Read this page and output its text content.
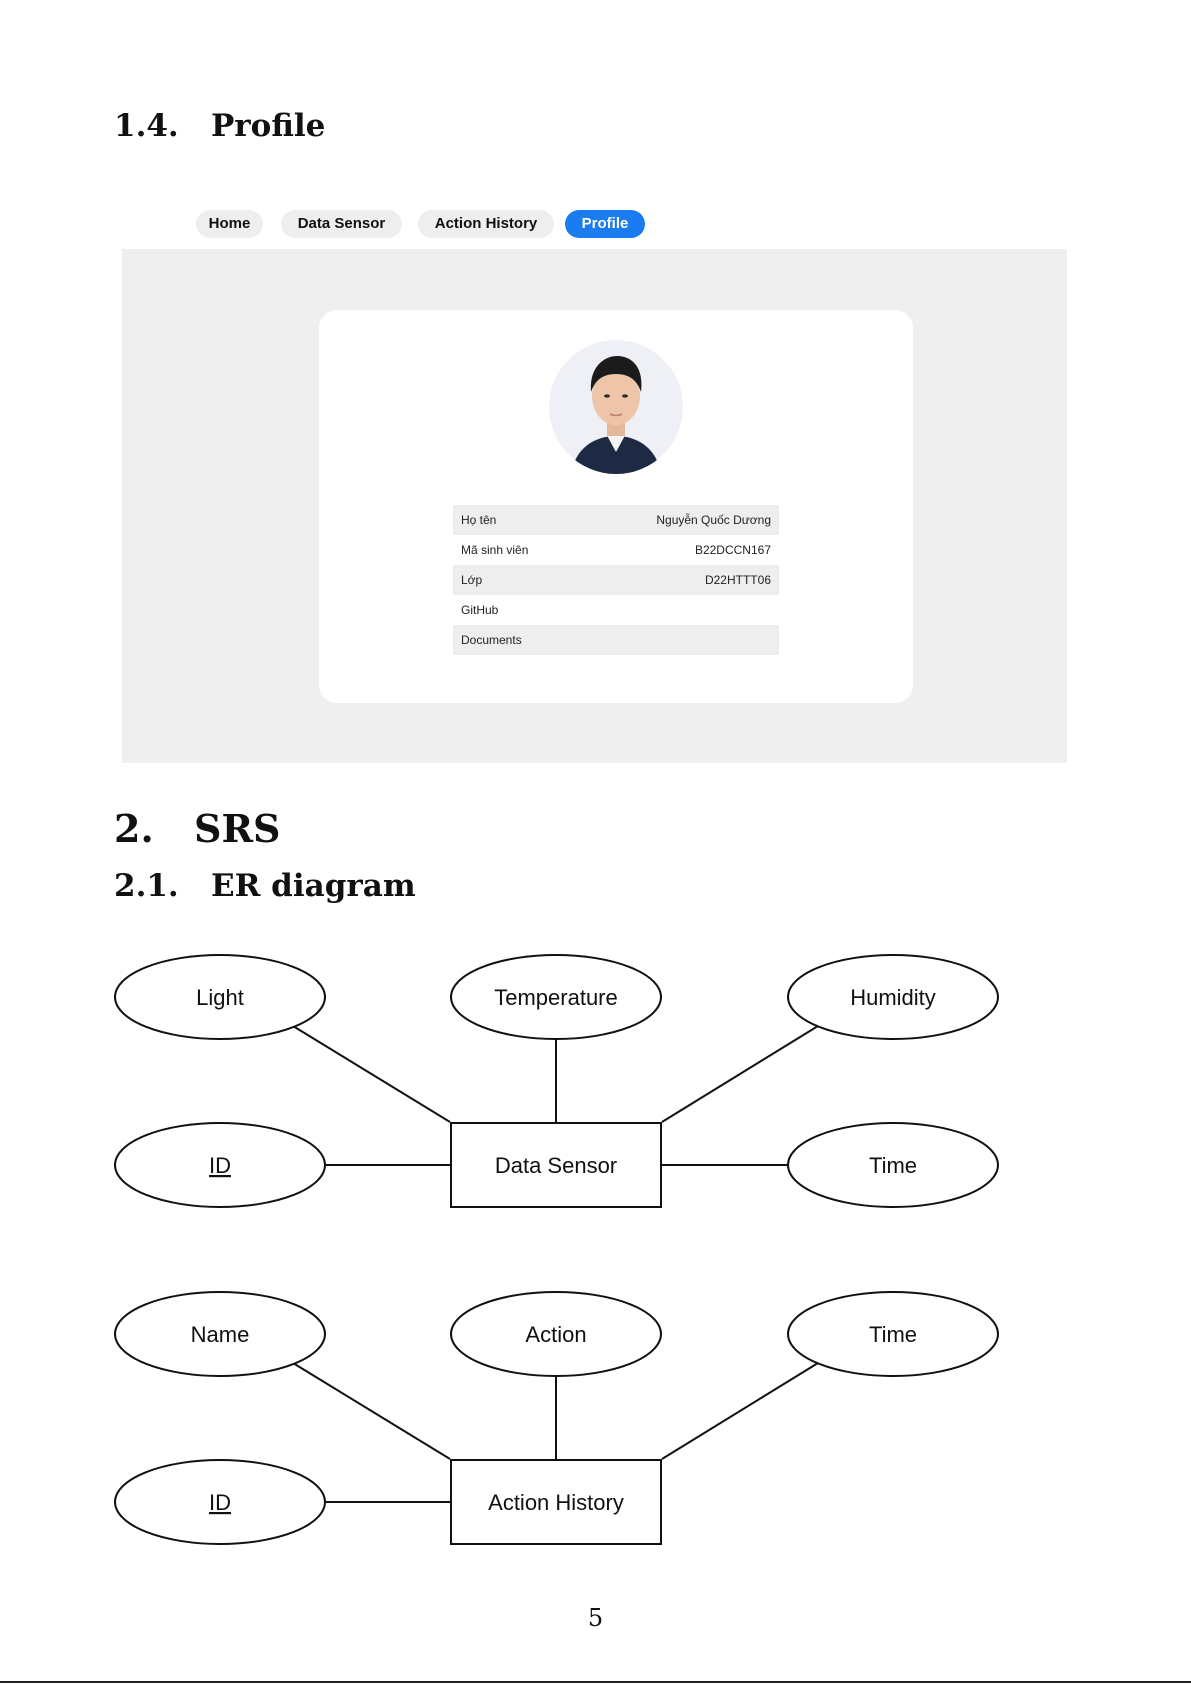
1.4. Profile
Home	Data Sensor	Action History	Profile
Họ tên	Nguyễn Quốc Dương
Mã sinh viên	B22DCCN167
Lớp	D22HTTT06
GitHub
Documents
2. SRS
2.1. ER diagram
Light	Temperature	Humidity
ID	Time
Data Sensor
Name	Action	Time
ID	Action History
5
